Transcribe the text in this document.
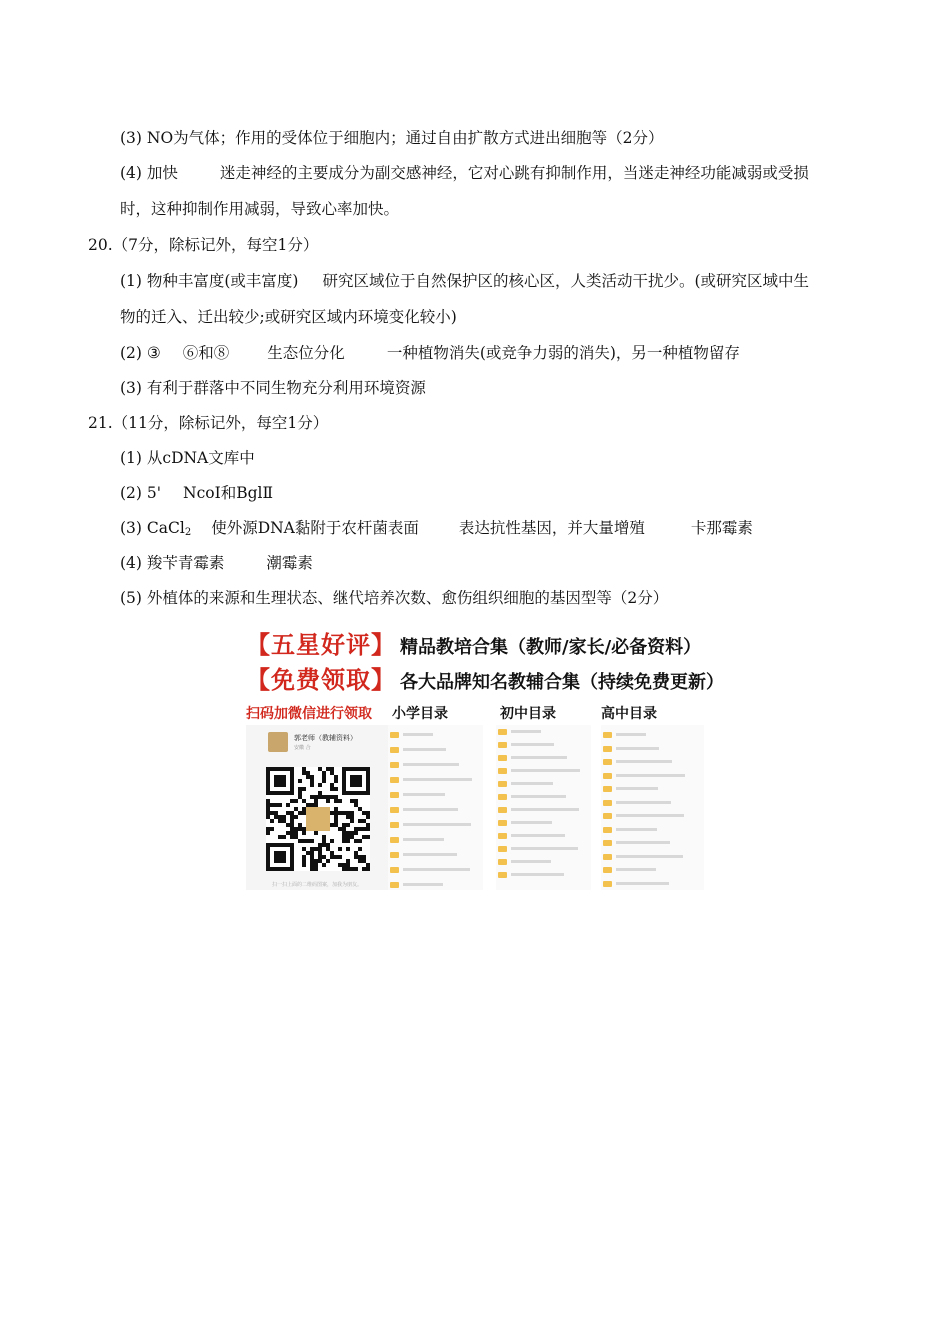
(3) NO为气体；作用的受体位于细胞内；通过自由扩散方式进出细胞等（2分）
(4) 加快	迷走神经的主要成分为副交感神经，它对心跳有抑制作用，当迷走神经功能减弱或受损
时，这种抑制作用减弱，导致心率加快。
20.（7分，除标记外，每空1分）
(1) 物种丰富度(或丰富度) 研究区域位于自然保护区的核心区，人类活动干扰少。(或研究区域中生
物的迁入、迁出较少;或研究区域内环境变化较小)
(2) ③ ⑥和⑧ 生态位分化	一种植物消失(或竞争力弱的消失)，另一种植物留存
(3) 有利于群落中不同生物充分利用环境资源
21.（11分，除标记外，每空1分）
(1) 从cDNA文库中
(2) 5' NcoI和BglⅡ
(3) CaCl$_2$ 使外源DNA黏附于农杆菌表面	表达抗性基因，并大量增殖	卡那霉素
(4) 羧苄青霉素	潮霉素
(5) 外植体的来源和生理状态、继代培养次数、愈伤组织细胞的基因型等（2分）
【五星好评】 精品教培合集（教师/家长/必备资料）
【免费领取】 各大品牌知名教辅合集（持续免费更新）
扫码加微信进行领取 小学目录	初中目录	高中目录
郭老师（教辅资料）
安徽 合
扫一扫上面的二维码图案，加我为朋友。
